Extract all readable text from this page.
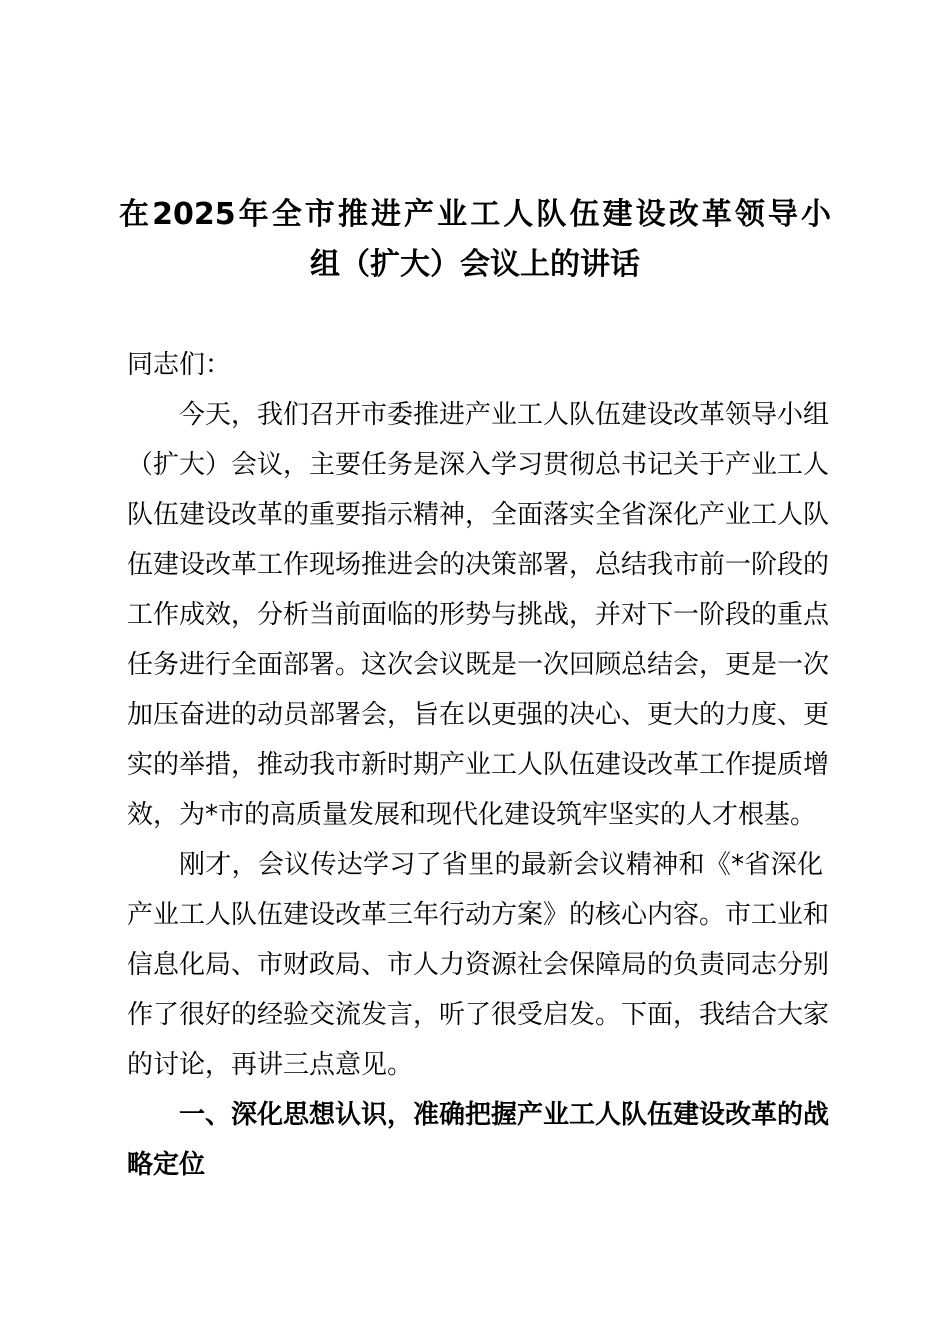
在2025年全市推进产业工人队伍建设改革领导小
组（扩大）会议上的讲话
同志们：
今天，我们召开市委推进产业工人队伍建设改革领导小组
（扩大）会议，主要任务是深入学习贯彻总书记关于产业工人
队伍建设改革的重要指示精神，全面落实全省深化产业工人队
伍建设改革工作现场推进会的决策部署，总结我市前一阶段的
工作成效，分析当前面临的形势与挑战，并对下一阶段的重点
任务进行全面部署。这次会议既是一次回顾总结会，更是一次
加压奋进的动员部署会，旨在以更强的决心、更大的力度、更
实的举措，推动我市新时期产业工人队伍建设改革工作提质增
效，为*市的高质量发展和现代化建设筑牢坚实的人才根基。
刚才，会议传达学习了省里的最新会议精神和《*省深化
产业工人队伍建设改革三年行动方案》的核心内容。市工业和
信息化局、市财政局、市人力资源社会保障局的负责同志分别
作了很好的经验交流发言，听了很受启发。下面，我结合大家
的讨论，再讲三点意见。
一、深化思想认识，准确把握产业工人队伍建设改革的战
略定位
